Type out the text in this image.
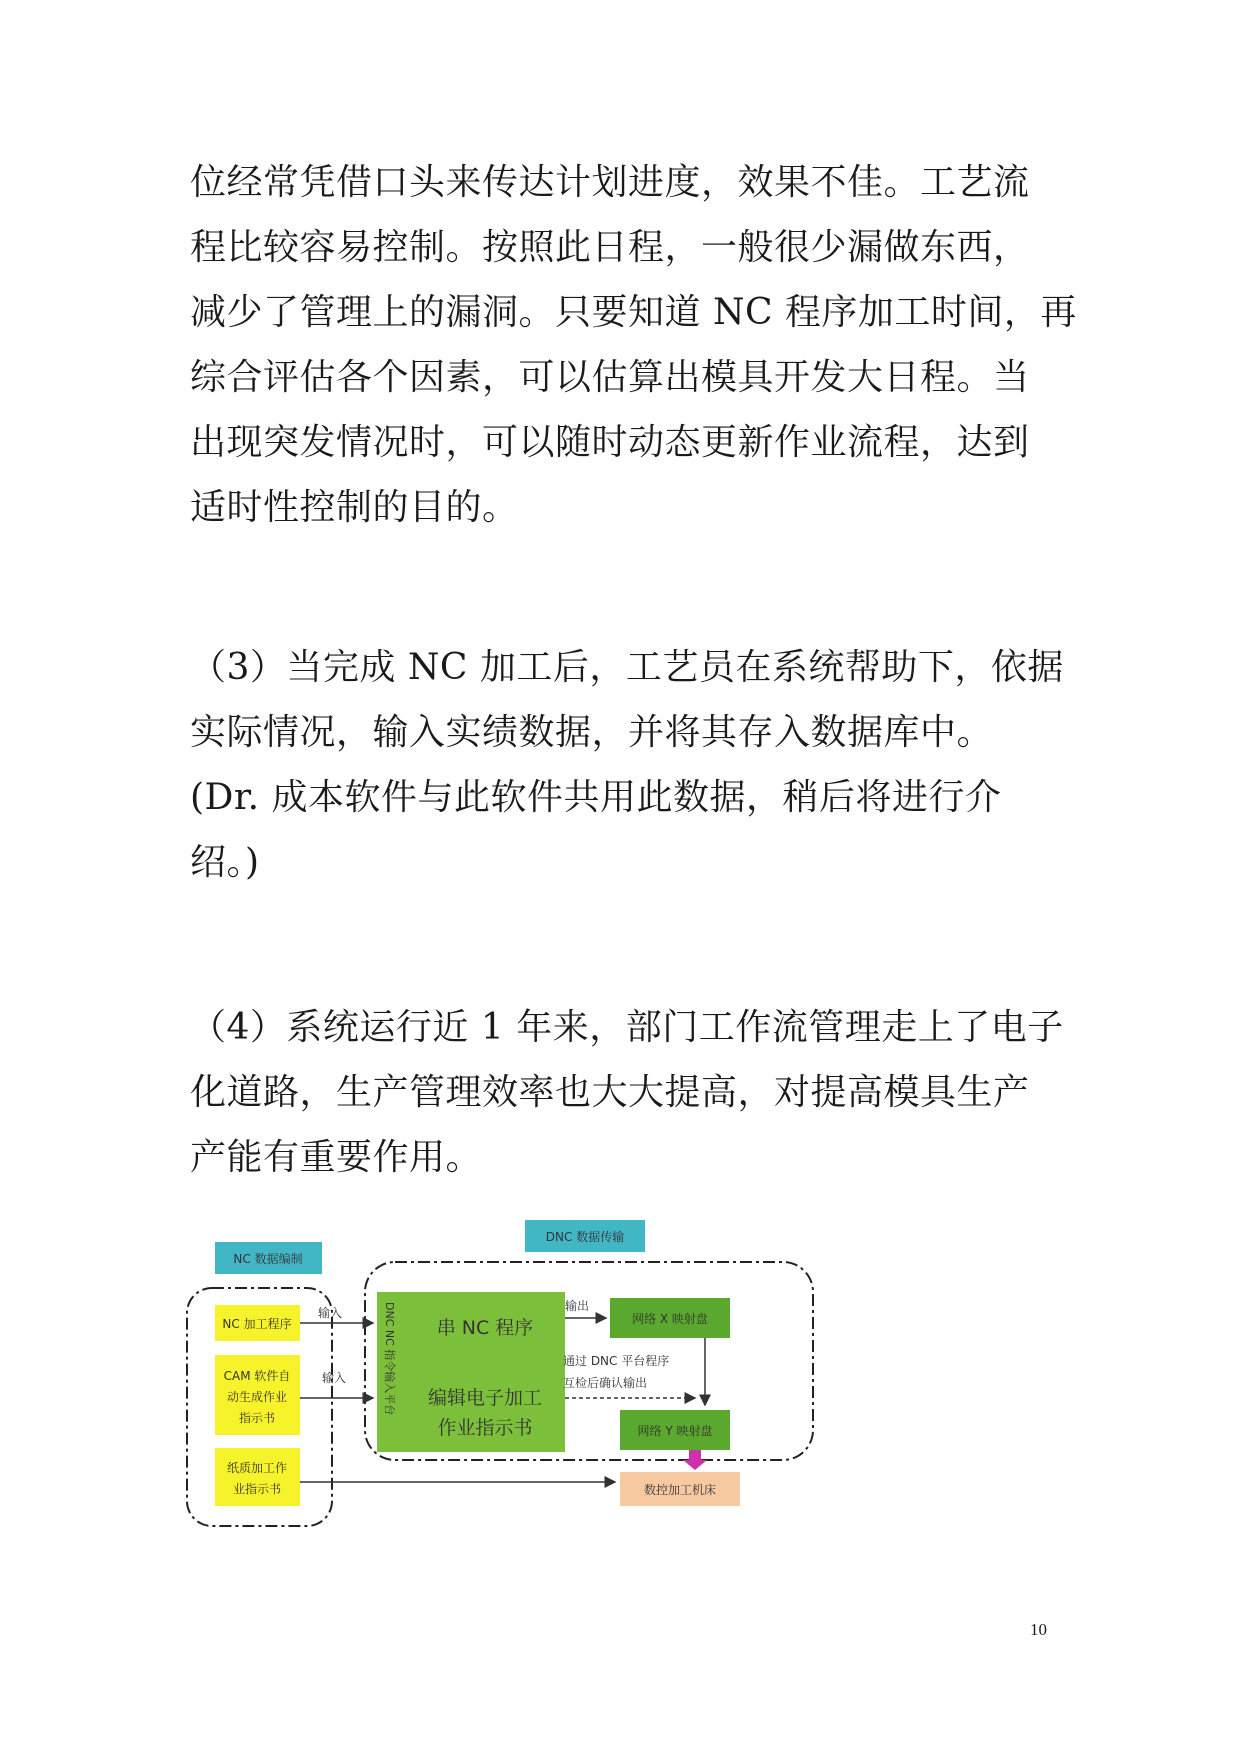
位经常凭借口头来传达计划进度，效果不佳。工艺流
程比较容易控制。按照此日程，一般很少漏做东西，
减少了管理上的漏洞。只要知道 NC 程序加工时间，再
综合评估各个因素，可以估算出模具开发大日程。当
出现突发情况时，可以随时动态更新作业流程，达到
适时性控制的目的。
（3）当完成 NC 加工后，工艺员在系统帮助下，依据
实际情况，输入实绩数据，并将其存入数据库中。
(Dr. 成本软件与此软件共用此数据，稍后将进行介
绍。)
（4）系统运行近 1 年来，部门工作流管理走上了电子
化道路，生产管理效率也大大提高，对提高模具生产
产能有重要作用。
NC 数据编制
DNC 数据传输
NC 加工程序
CAM 软件自
动生成作业
指示书
纸质加工作
业指示书
DNC NC 指令输入平台 串 NC 程序
编辑电子加工
作业指示书
输入
输入
网络 X 映射盘
输出
通过 DNC 平台程序
互检后确认输出
网络 Y 映射盘
数控加工机床
10
